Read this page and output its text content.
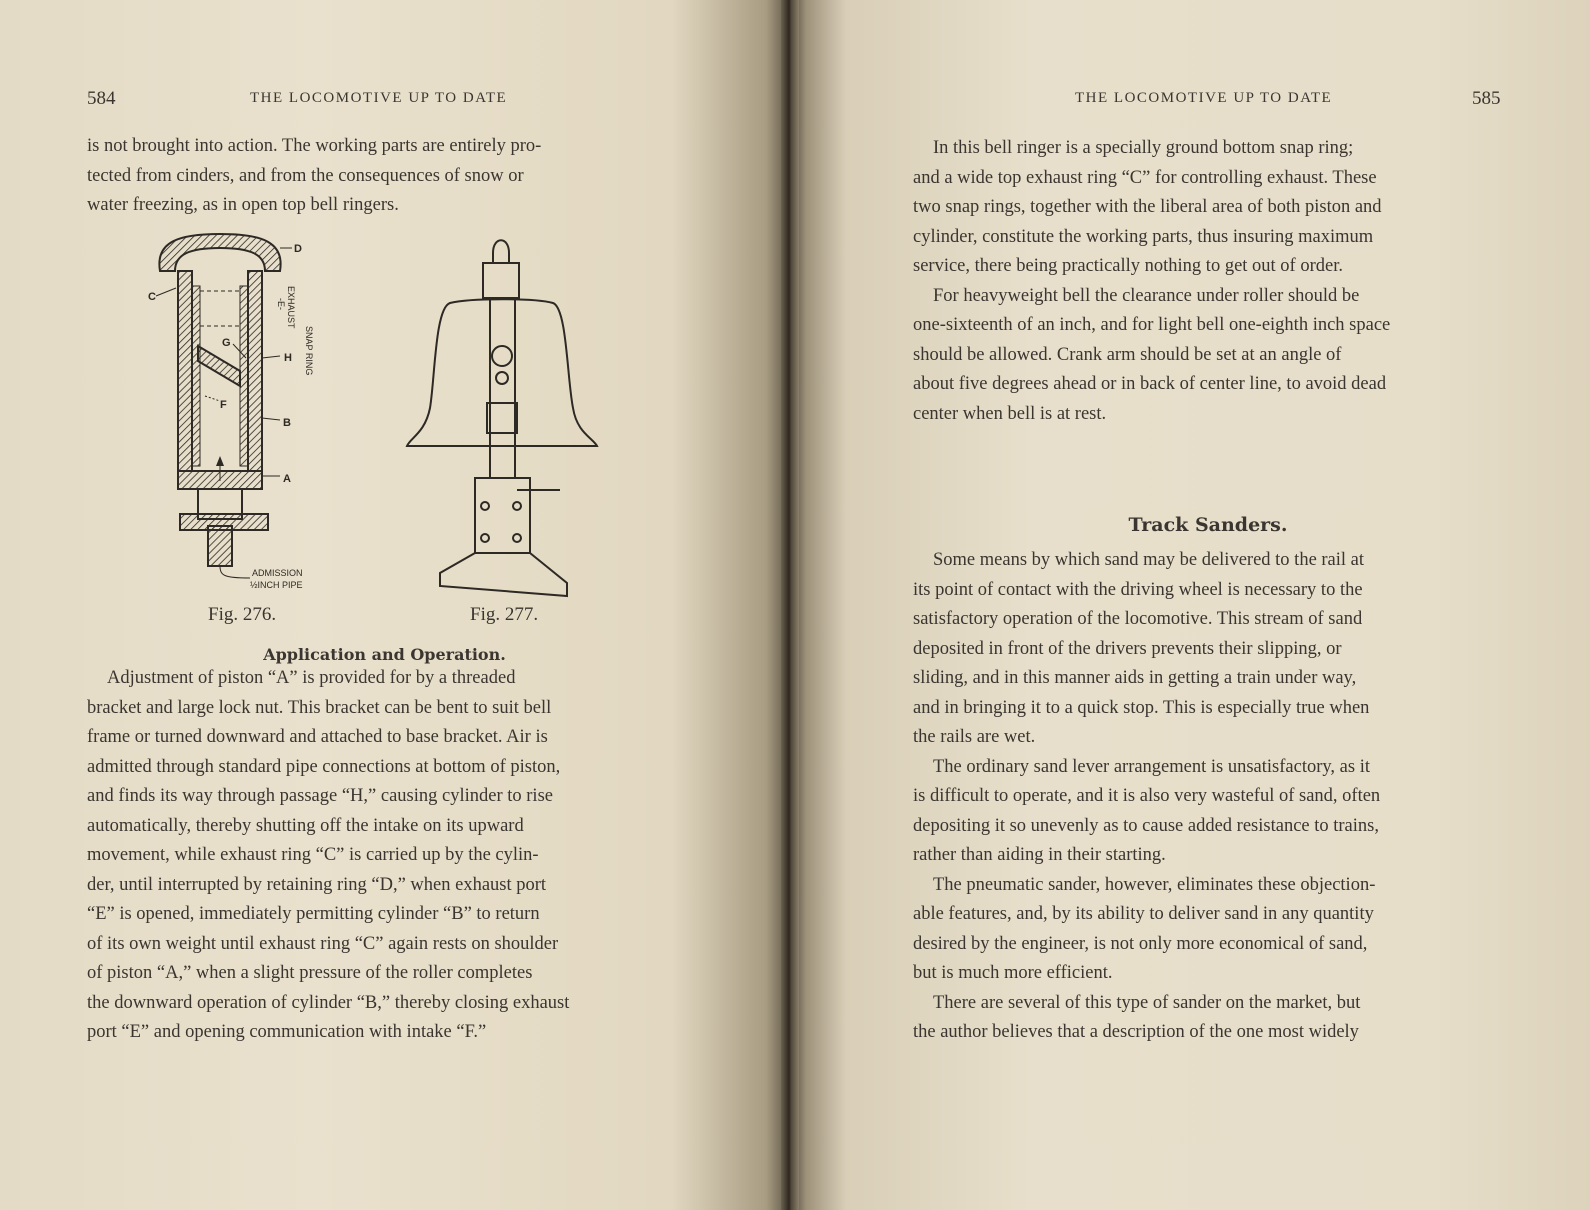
584	THE LOCOMOTIVE UP TO DATE

is not brought into action. The working parts are entirely pro-

tected from cinders, and from the consequences of snow or

water freezing, as in open top bell ringers.

D
C
G
H
F
B
A
EXHAUST
-E-
SNAP RING
ADMISSION
½INCH PIPE
Fig. 276.	Fig. 277.
Application and Operation.

Adjustment of piston “A” is provided for by a threaded

bracket and large lock nut. This bracket can be bent to suit bell

frame or turned downward and attached to base bracket. Air is

admitted through standard pipe connections at bottom of piston,

and finds its way through passage “H,” causing cylinder to rise

automatically, thereby shutting off the intake on its upward

movement, while exhaust ring “C” is carried up by the cylin-

der, until interrupted by retaining ring “D,” when exhaust port

“E” is opened, immediately permitting cylinder “B” to return

of its own weight until exhaust ring “C” again rests on shoulder

of piston “A,” when a slight pressure of the roller completes

the downward operation of cylinder “B,” thereby closing exhaust

port “E” and opening communication with intake “F.”

THE LOCOMOTIVE UP TO DATE	585

In this bell ringer is a specially ground bottom snap ring;

and a wide top exhaust ring “C” for controlling exhaust. These

two snap rings, together with the liberal area of both piston and

cylinder, constitute the working parts, thus insuring maximum

service, there being practically nothing to get out of order.

For heavyweight bell the clearance under roller should be

one-sixteenth of an inch, and for light bell one-eighth inch space

should be allowed. Crank arm should be set at an angle of

about five degrees ahead or in back of center line, to avoid dead

center when bell is at rest.

Track Sanders.

Some means by which sand may be delivered to the rail at

its point of contact with the driving wheel is necessary to the

satisfactory operation of the locomotive. This stream of sand

deposited in front of the drivers prevents their slipping, or

sliding, and in this manner aids in getting a train under way,

and in bringing it to a quick stop. This is especially true when

the rails are wet.

The ordinary sand lever arrangement is unsatisfactory, as it

is difficult to operate, and it is also very wasteful of sand, often

depositing it so unevenly as to cause added resistance to trains,

rather than aiding in their starting.

The pneumatic sander, however, eliminates these objection-

able features, and, by its ability to deliver sand in any quantity

desired by the engineer, is not only more economical of sand,

but is much more efficient.

There are several of this type of sander on the market, but

the author believes that a description of the one most widely
